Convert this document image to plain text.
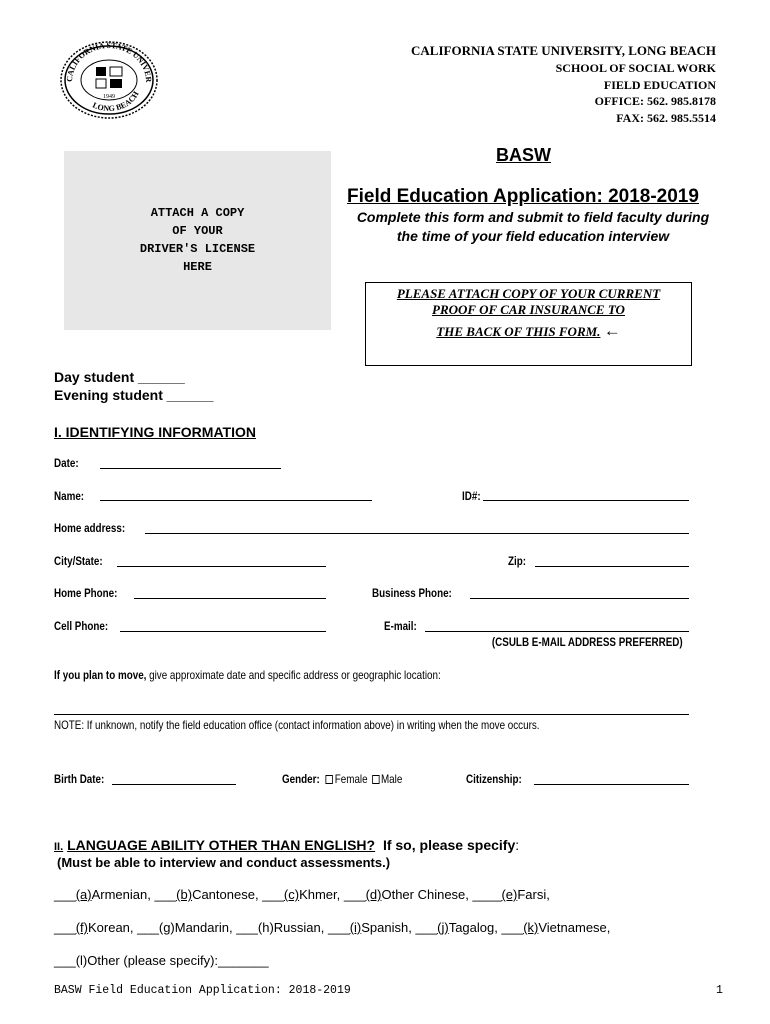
CALIFORNIA STATE UNIVER
LONG BEACH
1949
CALIFORNIA STATE UNIVERSITY, LONG BEACH
SCHOOL OF SOCIAL WORK
FIELD EDUCATION
OFFICE: 562. 985.8178
FAX: 562. 985.5514
ATTACH A COPY
OF YOUR
DRIVER'S LICENSE
HERE
BASW
Field Education Application: 2018-2019
Complete this form and submit to field faculty during
the time of your field education interview
PLEASE ATTACH COPY OF YOUR CURRENT
PROOF OF CAR INSURANCE TO
THE BACK OF THIS FORM. ←
Day student ______
Evening student ______
I. IDENTIFYING INFORMATION
Date:
Name:	ID#:
Home address:
City/State:	Zip:
Home Phone:	Business Phone:
Cell Phone:	E-mail:
(CSULB E-MAIL ADDRESS PREFERRED)
If you plan to move, give approximate date and specific address or geographic location:
NOTE: If unknown, notify the field education office (contact information above) in writing when the move occurs.
Birth Date:	Gender: Female Male	Citizenship:
II. LANGUAGE ABILITY OTHER THAN ENGLISH? If so, please specify:
(Must be able to interview and conduct assessments.)
___(a)Armenian, ___(b)Cantonese, ___(c)Khmer, ___(d)Other Chinese, ____(e)Farsi,
___(f)Korean, ___(g)Mandarin, ___(h)Russian, ___(i)Spanish, ___(j)Tagalog, ___(k)Vietnamese,
___(l)Other (please specify):_______
BASW Field Education Application: 2018-2019	1
